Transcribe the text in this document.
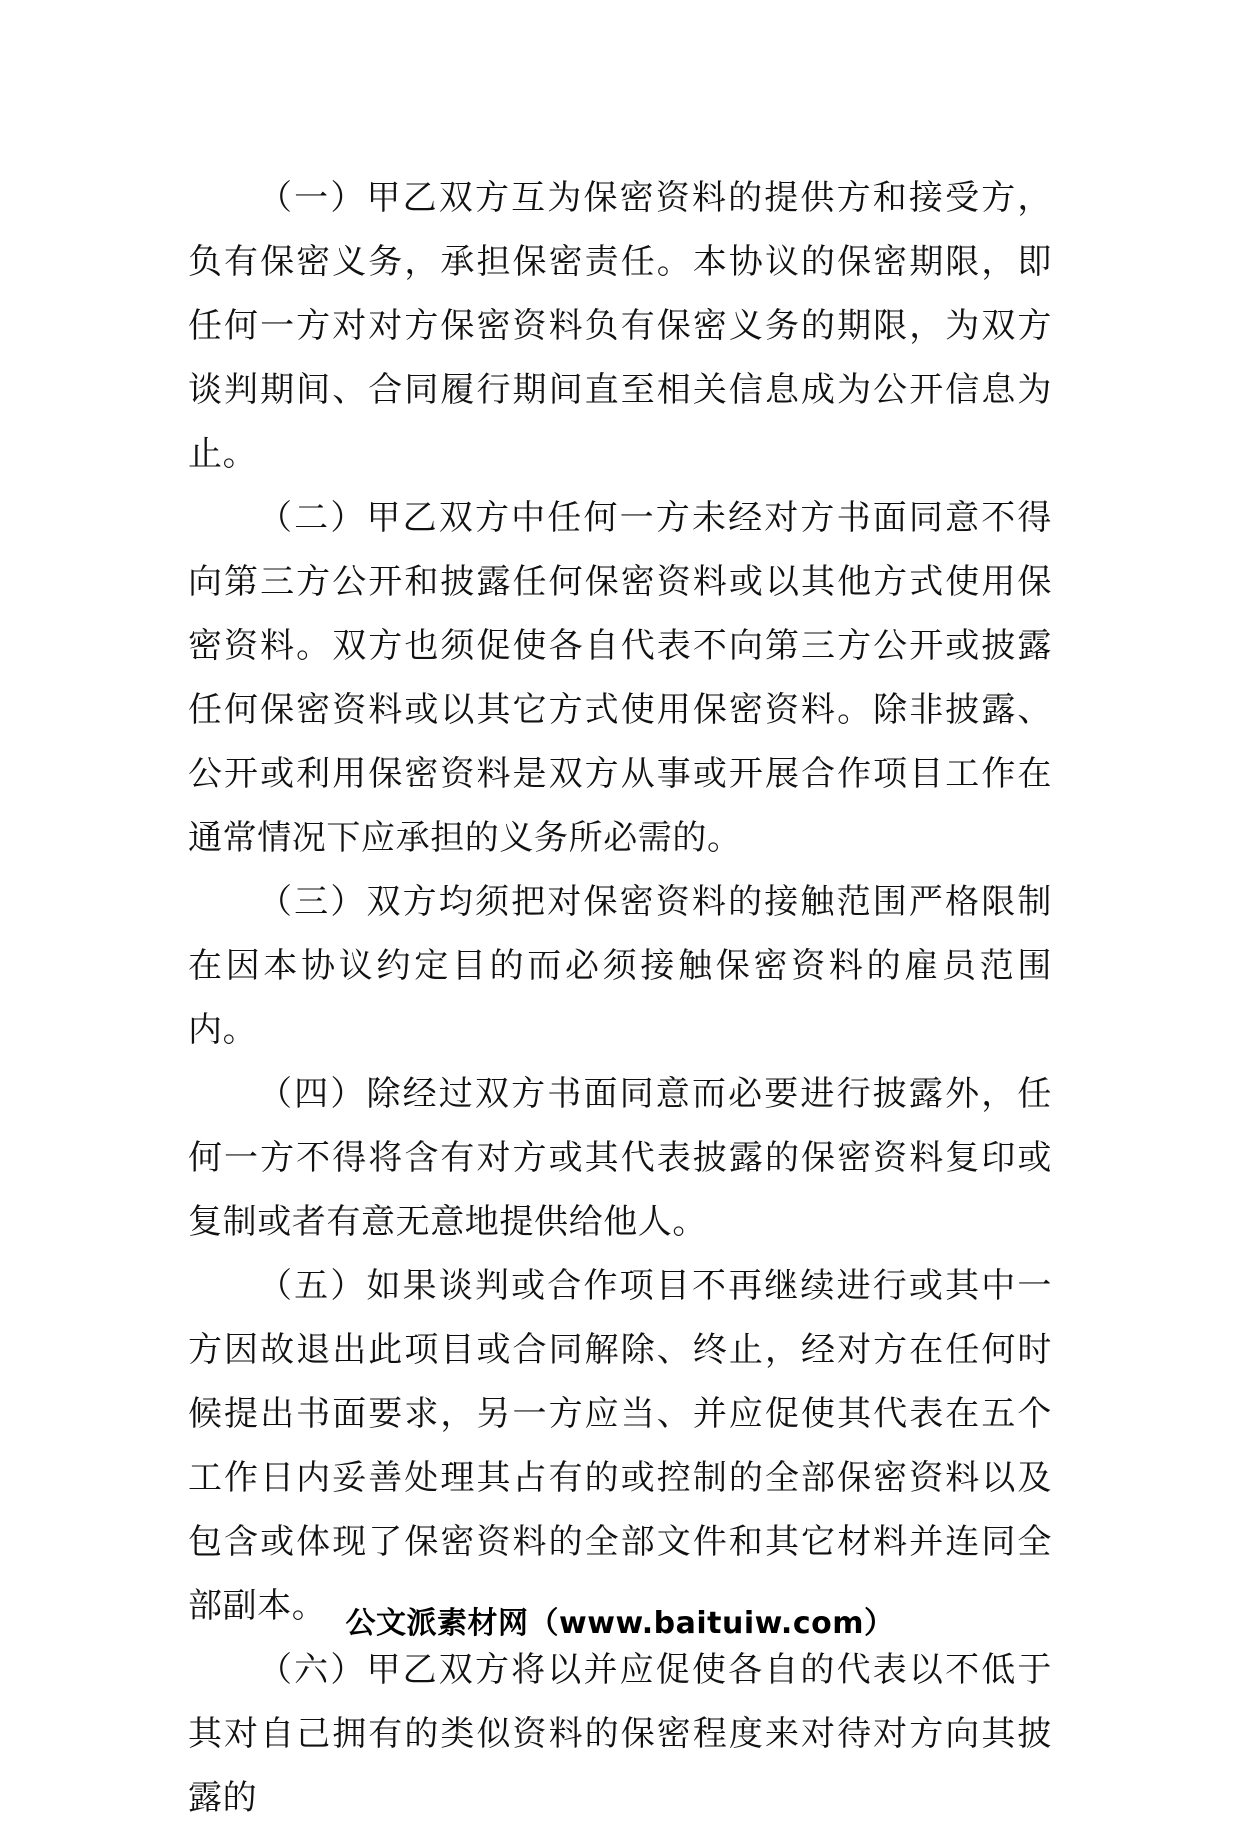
（一）甲乙双方互为保密资料的提供方和接受方，负有保密义务，承担保密责任。本协议的保密期限，即任何一方对对方保密资料负有保密义务的期限，为双方谈判期间、合同履行期间直至相关信息成为公开信息为止。

（二）甲乙双方中任何一方未经对方书面同意不得向第三方公开和披露任何保密资料或以其他方式使用保密资料。双方也须促使各自代表不向第三方公开或披露任何保密资料或以其它方式使用保密资料。除非披露、公开或利用保密资料是双方从事或开展合作项目工作在通常情况下应承担的义务所必需的。

（三）双方均须把对保密资料的接触范围严格限制在因本协议约定目的而必须接触保密资料的雇员范围内。

（四）除经过双方书面同意而必要进行披露外，任何一方不得将含有对方或其代表披露的保密资料复印或复制或者有意无意地提供给他人。

（五）如果谈判或合作项目不再继续进行或其中一方因故退出此项目或合同解除、终止，经对方在任何时候提出书面要求，另一方应当、并应促使其代表在五个工作日内妥善处理其占有的或控制的全部保密资料以及包含或体现了保密资料的全部文件和其它材料并连同全部副本。

（六）甲乙双方将以并应促使各自的代表以不低于其对自己拥有的类似资料的保密程度来对待对方向其披露的

公文派素材网（www.baituiw.com）
